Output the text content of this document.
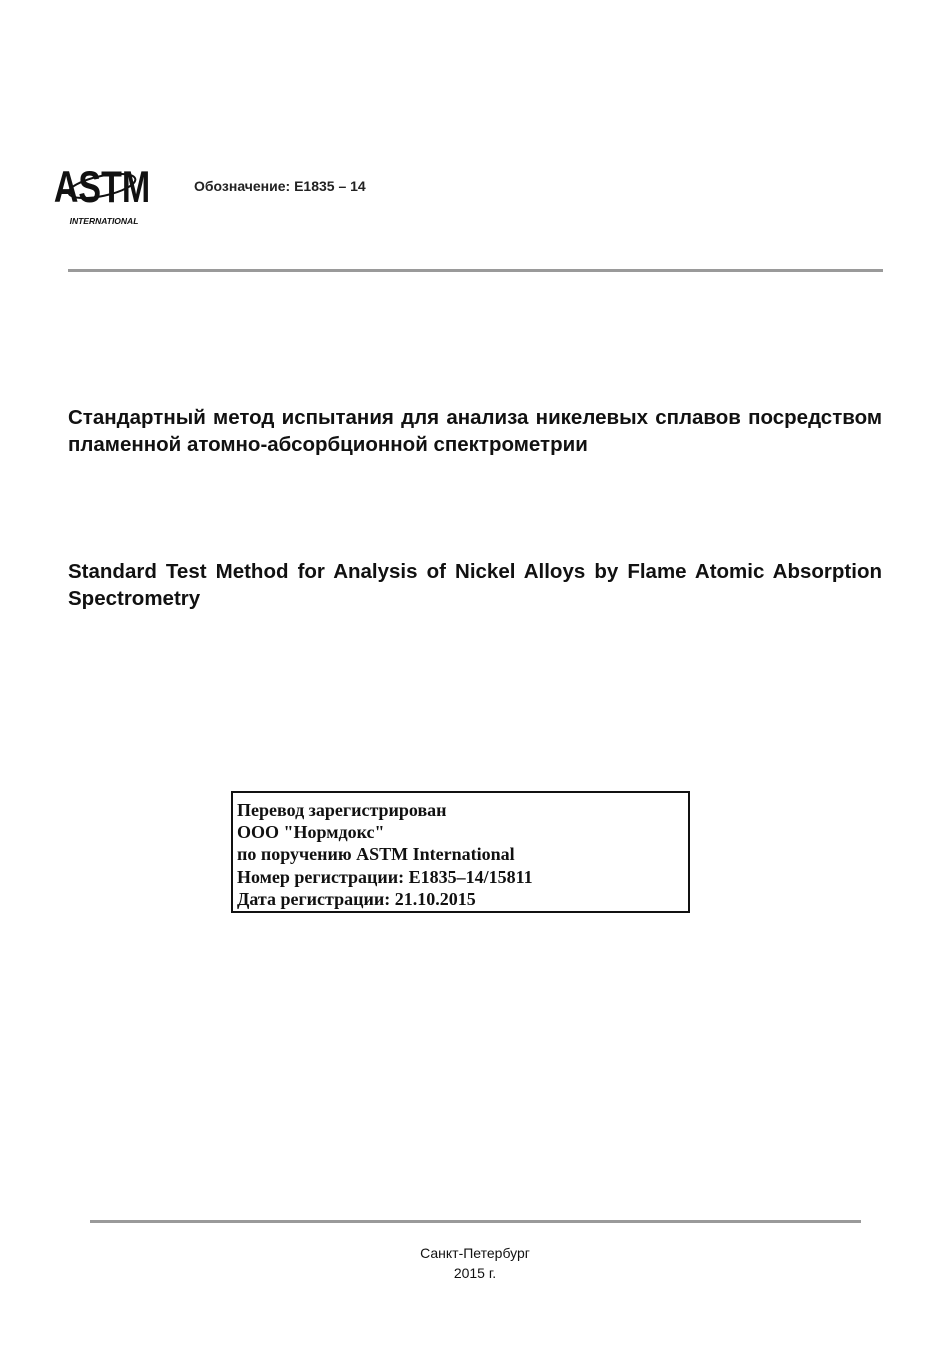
ASTM
INTERNATIONAL
Обозначение: E1835 – 14
Стандартный метод испытания для анализа никелевых сплавов посредством пламенной атомно-абсорбционной спектрометрии
Standard Test Method for Analysis of Nickel Alloys by Flame Atomic Absorption Spectrometry
Перевод зарегистрирован
ООО "Нормдокс"
по поручению ASTM International
Номер регистрации: E1835–14/15811
Дата регистрации: 21.10.2015
Санкт-Петербург
2015 г.
